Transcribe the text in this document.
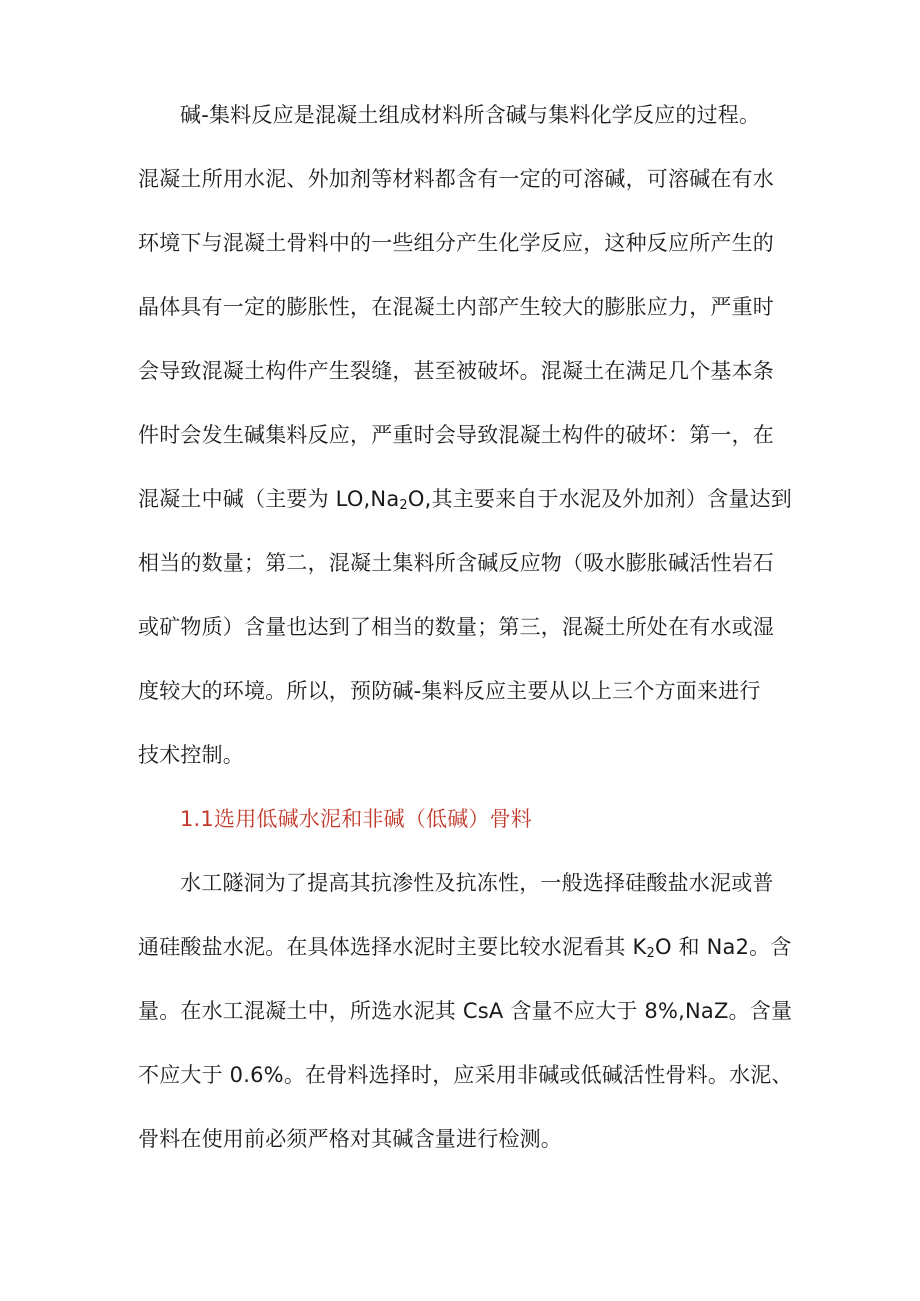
碱-集料反应是混凝土组成材料所含碱与集料化学反应的过程。
混凝土所用水泥、外加剂等材料都含有一定的可溶碱，可溶碱在有水
环境下与混凝土骨料中的一些组分产生化学反应，这种反应所产生的
晶体具有一定的膨胀性，在混凝土内部产生较大的膨胀应力，严重时
会导致混凝土构件产生裂缝，甚至被破坏。混凝土在满足几个基本条
件时会发生碱集料反应，严重时会导致混凝土构件的破坏：第一，在
混凝土中碱（主要为 $LO,Na_2O$,其主要来自于水泥及外加剂）含量达到
相当的数量；第二，混凝土集料所含碱反应物（吸水膨胀碱活性岩石
或矿物质）含量也达到了相当的数量；第三，混凝土所处在有水或湿
度较大的环境。所以，预防碱-集料反应主要从以上三个方面来进行
技术控制。
1.1选用低碱水泥和非碱（低碱）骨料
水工隧洞为了提高其抗渗性及抗冻性，一般选择硅酸盐水泥或普
通硅酸盐水泥。在具体选择水泥时主要比较水泥看其 $K_2O$ 和 Na2。含
量。在水工混凝土中，所选水泥其 CsA 含量不应大于 8%,NaZ。含量
不应大于 0.6%。在骨料选择时，应采用非碱或低碱活性骨料。水泥、
骨料在使用前必须严格对其碱含量进行检测。
